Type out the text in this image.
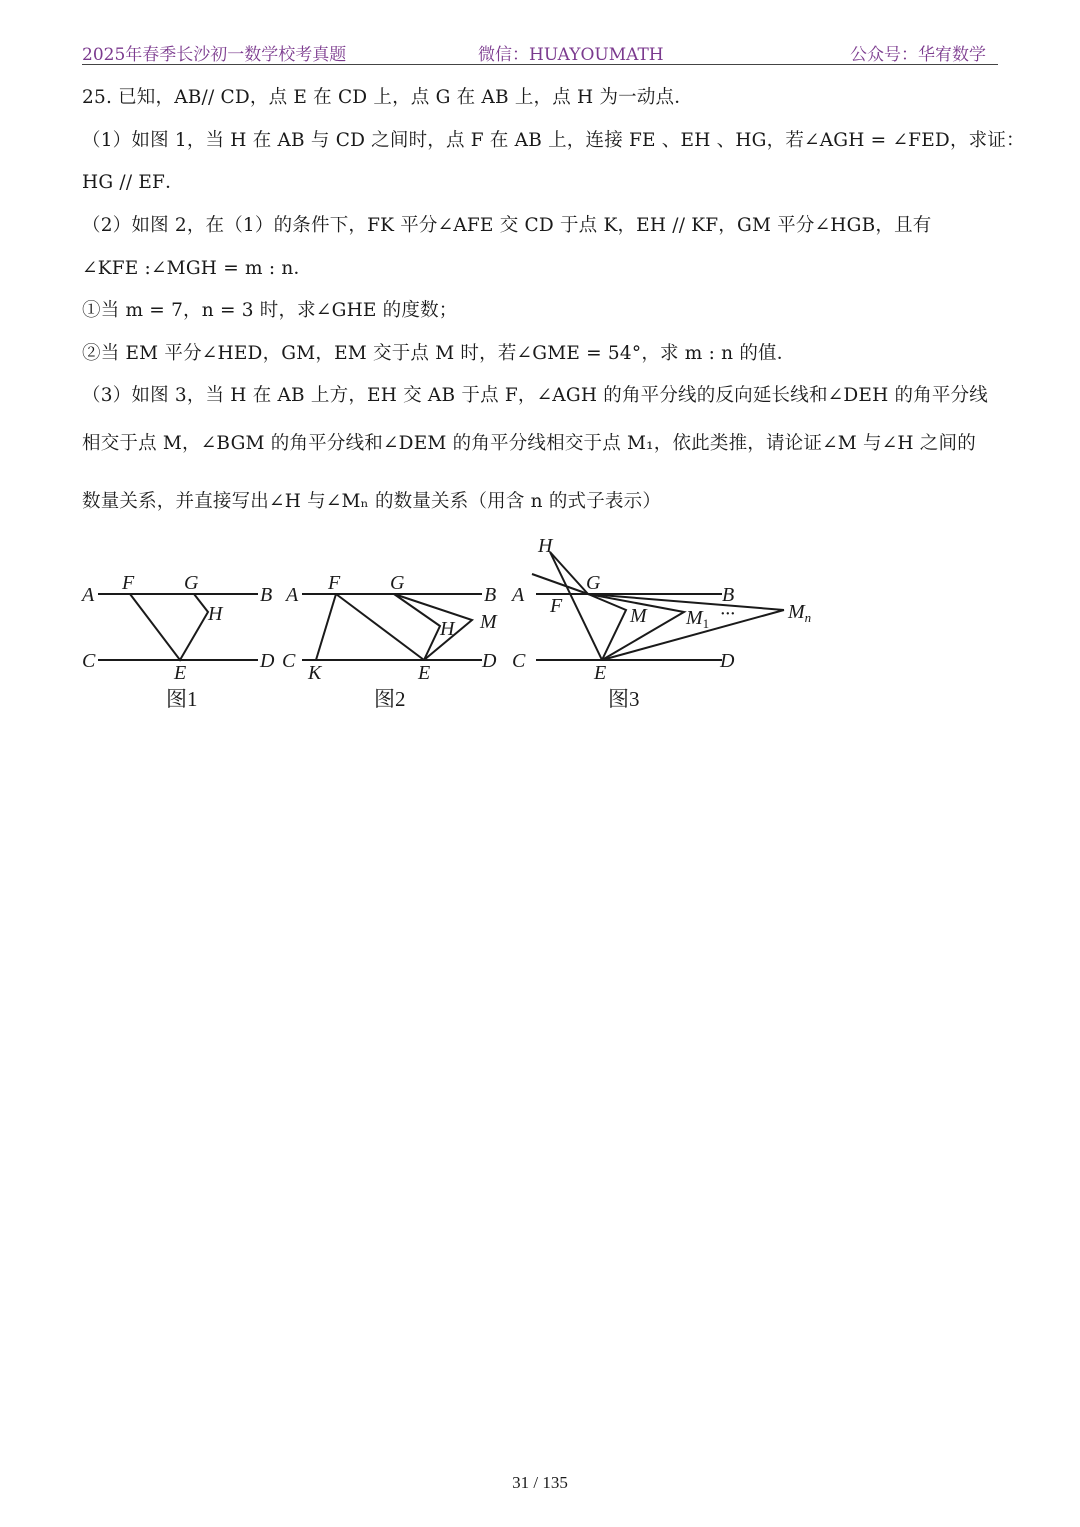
2025年春季长沙初一数学校考真题	微信：HUAYOUMATH	公众号：华宥数学
25. 已知，AB// CD，点 E 在 CD 上，点 G 在 AB 上，点 H 为一动点．
（1）如图 1，当 H 在 AB 与 CD 之间时，点 F 在 AB 上，连接 FE 、EH 、HG，若∠AGH = ∠FED，求证：
HG // EF．
（2）如图 2，在（1）的条件下，FK 平分∠AFE 交 CD 于点 K，EH // KF，GM 平分∠HGB，且有
∠KFE :∠MGH = m : n．
①当 m = 7，n = 3 时，求∠GHE 的度数；
②当 EM 平分∠HED，GM，EM 交于点 M 时，若∠GME = 54°，求 m : n 的值．
（3）如图 3，当 H 在 AB 上方，EH 交 AB 于点 F，∠AGH 的角平分线的反向延长线和∠DEH 的角平分线
相交于点 M，∠BGM 的角平分线和∠DEM 的角平分线相交于点 M₁，依此类推，请论证∠M 与∠H 之间的
数量关系，并直接写出∠H 与∠Mₙ 的数量关系（用含 n 的式子表示）
A
F G
B
H
C
E
D
图1
A
F G
B
H M
C
K	E
D
图2
H
A
G
B
F	M $M_1$ ···	$M_n$
C
E
D
图3
31 / 135
